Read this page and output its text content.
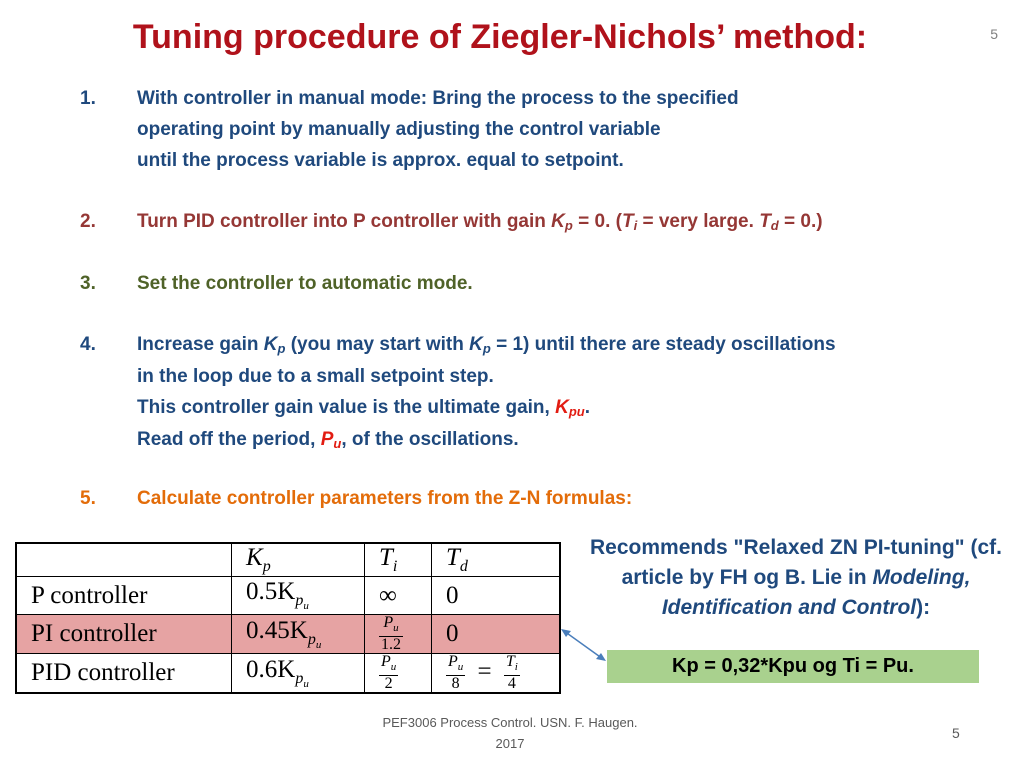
Tuning procedure of Ziegler-Nichols’ method:	5
1. With controller in manual mode: Bring the process to the specified
operating point by manually adjusting the control variable
until the process variable is approx. equal to setpoint.
2. Turn PID controller into P controller with gain Kp = 0. (Ti = very large. Td = 0.)
3. Set the controller to automatic mode.
4. Increase gain Kp (you may start with Kp = 1) until there are steady oscillations
in the loop due to a small setpoint step.
This controller gain value is the ultimate gain, Kpu.
Read off the period, Pu, of the oscillations.
5. Calculate controller parameters from the Z-N formulas:
	$K_p$	$T_i$	$T_d$
P controller	$0.5K_{p_u}$	∞	0
PI controller	$0.45K_{p_u}$	$\frac{P_u}{1.2}$	0
PID controller	$0.6K_{p_u}$	$\frac{P_u}{2}$	$\frac{P_u}{8} = \frac{T_i}{4}$
Recommends "Relaxed ZN PI-tuning" (cf. article by FH og B. Lie in Modeling, Identification and Control):
Kp = 0,32*Kpu og Ti = Pu.
PEF3006 Process Control. USN. F. Haugen.
2017
5
